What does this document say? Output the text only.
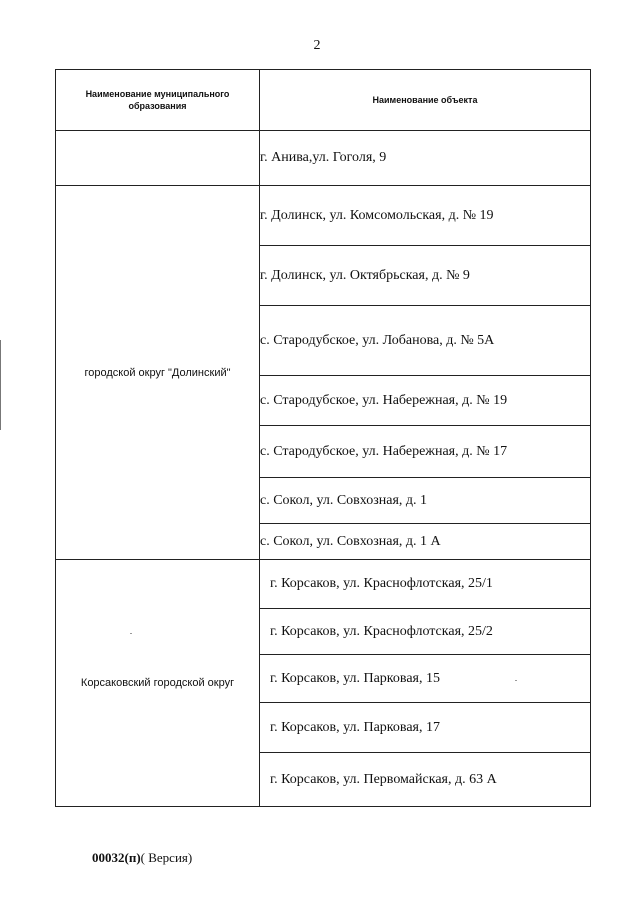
2
Наименование муниципального образования	Наименование объекта
	г. Анива,ул. Гоголя, 9
городской округ "Долинский"	г. Долинск, ул. Комсомольская, д. № 19
	г. Долинск, ул. Октябрьская, д. № 9
	с. Стародубское, ул. Лобанова, д. № 5А
	с. Стародубское, ул. Набережная, д. № 19
	с. Стародубское, ул. Набережная, д. № 17
	с. Сокол, ул. Совхозная, д. 1
	с. Сокол, ул. Совхозная, д. 1 А
Корсаковский городской округ	г. Корсаков, ул. Краснофлотская, 25/1
	г. Корсаков, ул. Краснофлотская, 25/2
	г. Корсаков, ул. Парковая, 15
	г. Корсаков, ул. Парковая, 17
	г. Корсаков, ул. Первомайская, д. 63 А
00032(п)( Версия)
